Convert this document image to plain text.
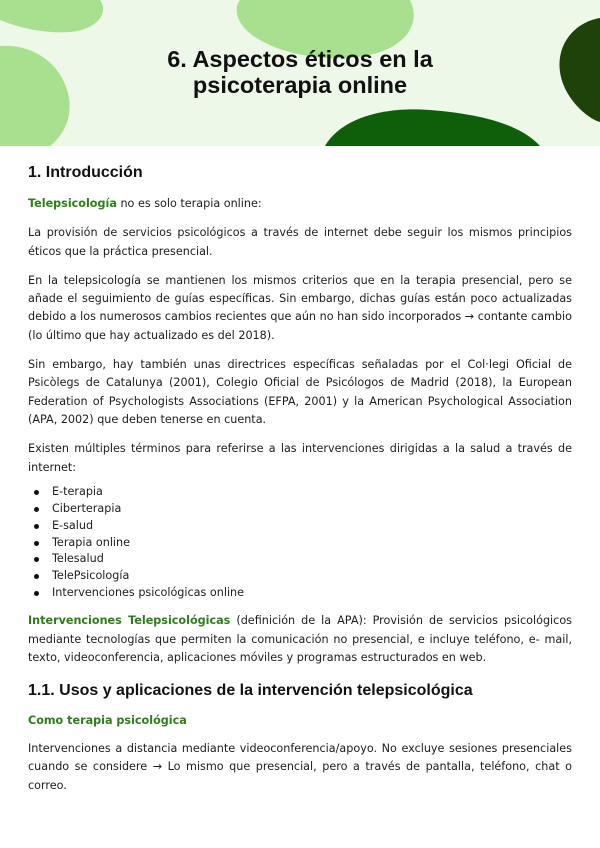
6. Aspectos éticos en la
psicoterapia online
1. Introducción

Telepsicología no es solo terapia online:

La provisión de servicios psicológicos a través de internet debe seguir los mismos principios éticos que la práctica presencial.

En la telepsicología se mantienen los mismos criterios que en la terapia presencial, pero se añade el seguimiento de guías específicas. Sin embargo, dichas guías están poco actualizadas debido a los numerosos cambios recientes que aún no han sido incorporados → contante cambio (lo último que hay actualizado es del 2018).

Sin embargo, hay también unas directrices específicas señaladas por el Col·legi Oficial de Psicòlegs de Catalunya (2001), Colegio Oficial de Psicólogos de Madrid (2018), la European Federation of Psychologists Associations (EFPA, 2001) y la American Psychological Association (APA, 2002) que deben tenerse en cuenta.

Existen múltiples términos para referirse a las intervenciones dirigidas a la salud a través de internet:

E-terapia
Ciberterapia
E-salud
Terapia online
Telesalud
TelePsicología
Intervenciones psicológicas online

Intervenciones Telepsicológicas (definición de la APA): Provisión de servicios psicológicos mediante tecnologías que permiten la comunicación no presencial, e incluye teléfono, e- mail, texto, videoconferencia, aplicaciones móviles y programas estructurados en web.

1.1. Usos y aplicaciones de la intervención telepsicológica

Como terapia psicológica

Intervenciones a distancia mediante videoconferencia/apoyo. No excluye sesiones presenciales cuando se considere → Lo mismo que presencial, pero a través de pantalla, teléfono, chat o correo.
